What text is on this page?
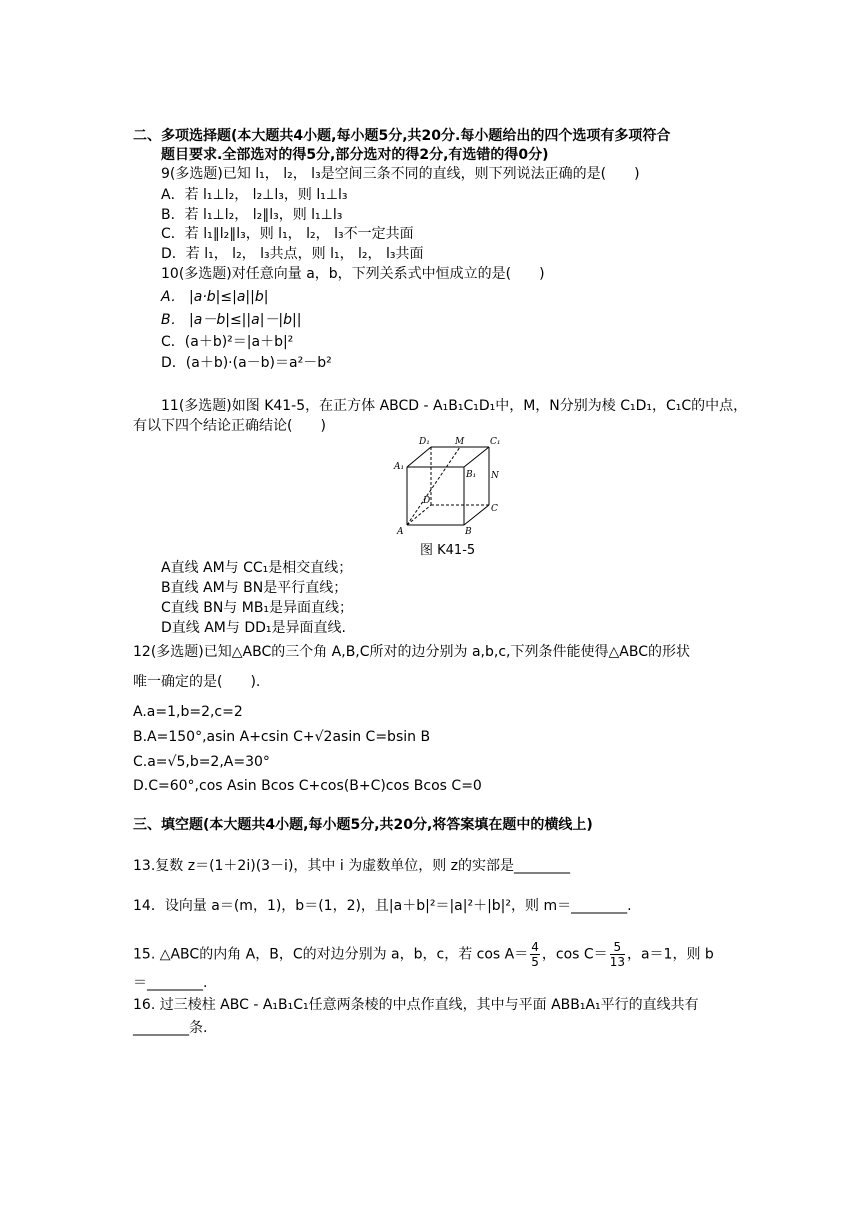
二、多项选择题(本大题共4小题,每小题5分,共20分.每小题给出的四个选项有多项符合
题目要求.全部选对的得5分,部分选对的得2分,有选错的得0分)
9(多选题)已知 l₁， l₂， l₃是空间三条不同的直线，则下列说法正确的是(　　)
A．若 l₁⊥l₂， l₂⊥l₃，则 l₁⊥l₃
B．若 l₁⊥l₂， l₂∥l₃，则 l₁⊥l₃
C．若 l₁∥l₂∥l₃，则 l₁， l₂， l₃不一定共面
D．若 l₁， l₂， l₃共点，则 l₁， l₂， l₃共面
10(多选题)对任意向量 a，b，下列关系式中恒成立的是(　　)
A． |a·b|≤|a||b|
B． |a－b|≤||a|－|b||
C．(a＋b)²＝|a＋b|²
D．(a＋b)·(a－b)＝a²－b²
11(多选题)如图 K41-5，在正方体 ABCD - A₁B₁C₁D₁中，M，N分别为棱 C₁D₁，C₁C的中点，
有以下四个结论正确结论(　　)
D₁	M	C₁
A₁
B₁ N
D
C
A	B
图 K41-5
A直线 AM与 CC₁是相交直线；
B直线 AM与 BN是平行直线；
C直线 BN与 MB₁是异面直线；
D直线 AM与 DD₁是异面直线.
12(多选题)已知△ABC的三个角 A,B,C所对的边分别为 a,b,c,下列条件能使得△ABC的形状
唯一确定的是(　　).
A.a=1,b=2,c=2
B.A=150°,asin A+csin C+√2asin C=bsin B
C.a=√5,b=2,A=30°
D.C=60°,cos Asin Bcos C+cos(B+C)cos Bcos C=0
三、填空题(本大题共4小题,每小题5分,共20分,将答案填在题中的横线上)
13.复数 z＝(1＋2i)(3－i)，其中 i 为虚数单位，则 z的实部是________
14．设向量 a＝(m，1)，b＝(1，2)，且|a＋b|²＝|a|²＋|b|²，则 m＝________.
15. △ABC的内角 A，B，C的对边分别为 a，b，c，若 $\cos A= \frac{4}{5}$ ，$\cos C= \frac{5}{13}$ ，a＝1，则 b
＝________.
16. 过三棱柱 ABC - A₁B₁C₁任意两条棱的中点作直线，其中与平面 ABB₁A₁平行的直线共有
________条.
